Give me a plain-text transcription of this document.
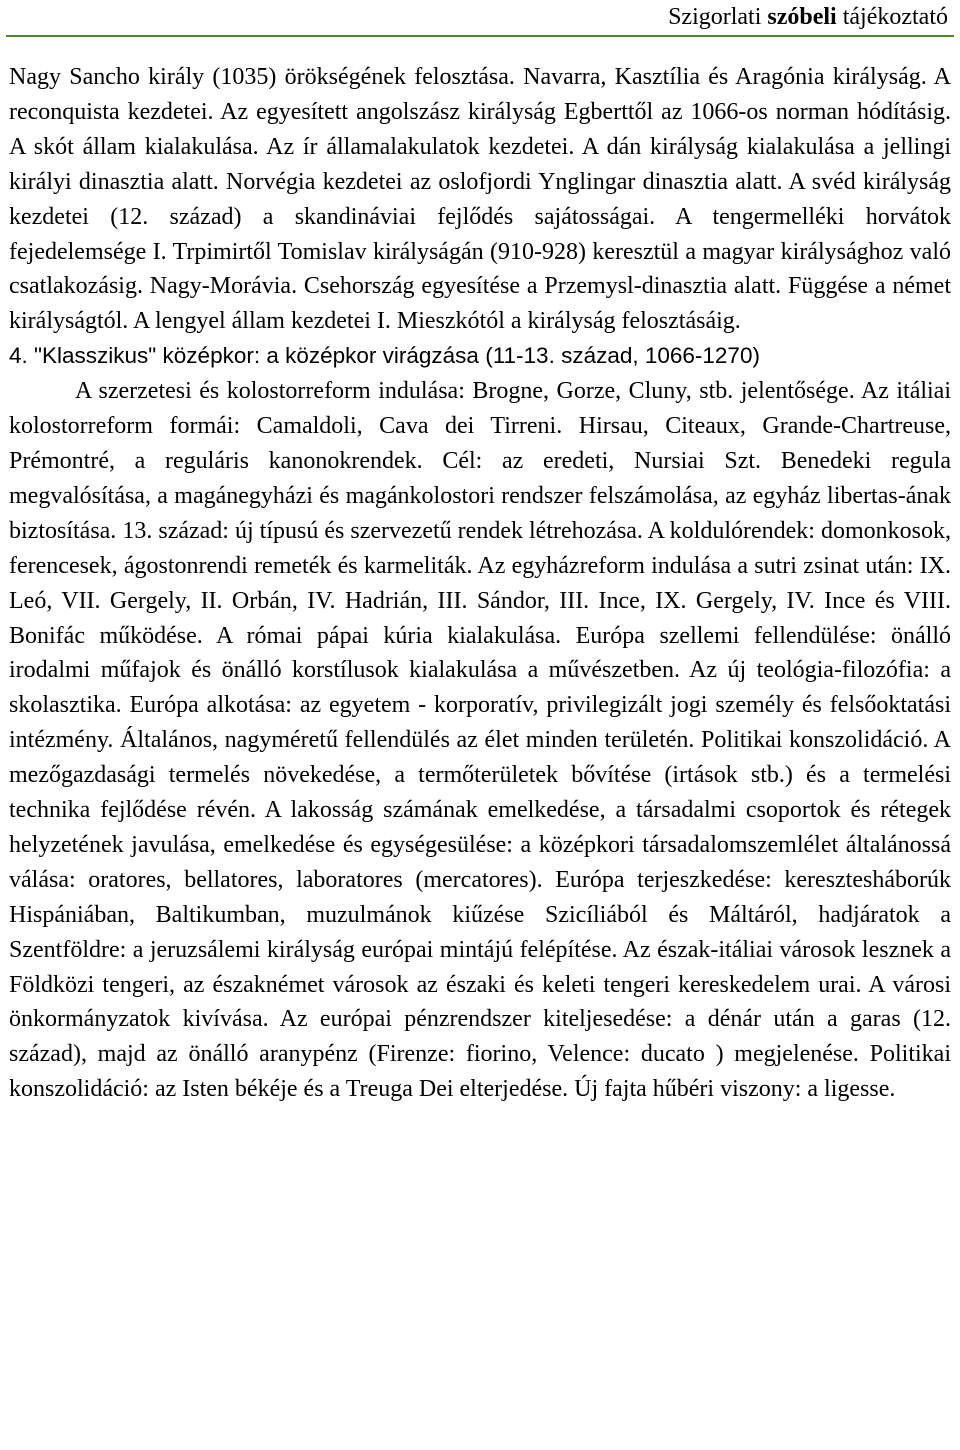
Szigorlati szóbeli tájékoztató

Nagy Sancho király (1035) örökségének felosztása. Navarra, Kasztília és Aragónia királyság. A reconquista kezdetei. Az egyesített angolszász királyság Egberttől az 1066-os norman hódításig. A skót állam kialakulása. Az ír államalakulatok kezdetei. A dán királyság kialakulása a jellingi királyi dinasztia alatt. Norvégia kezdetei az oslofjordi Ynglingar dinasztia alatt. A svéd királyság kezdetei (12. század) a skandináviai fejlődés sajátosságai. A tengermelléki horvátok fejedelemsége I. Trpimirtől Tomislav királyságán (910-928) keresztül a magyar királysághoz való csatlakozásig. Nagy-Morávia. Csehország egyesítése a Przemysl-dinasztia alatt. Függése a német királyságtól. A lengyel állam kezdetei I. Mieszkótól a királyság felosztásáig.

4. "Klasszikus" középkor: a középkor virágzása (11-13. század, 1066-1270)

A szerzetesi és kolostorreform indulása: Brogne, Gorze, Cluny, stb. jelentősége. Az itáliai kolostorreform formái: Camaldoli, Cava dei Tirreni. Hirsau, Citeaux, Grande-Chartreuse, Prémontré, a reguláris kanonokrendek. Cél: az eredeti, Nursiai Szt. Benedeki regula megvalósítása, a magánegyházi és magánkolostori rendszer felszámolása, az egyház libertas-ának biztosítása. 13. század: új típusú és szervezetű rendek létrehozása. A koldulórendek: domonkosok, ferencesek, ágostonrendi remeték és karmeliták. Az egyházreform indulása a sutri zsinat után: IX. Leó, VII. Gergely, II. Orbán, IV. Hadrián, III. Sándor, III. Ince, IX. Gergely, IV. Ince és VIII. Bonifác működése. A római pápai kúria kialakulása. Európa szellemi fellendülése: önálló irodalmi műfajok és önálló korstílusok kialakulása a művészetben. Az új teológia-filozófia: a skolasztika. Európa alkotása: az egyetem - korporatív, privilegizált jogi személy és felsőoktatási intézmény. Általános, nagyméretű fellendülés az élet minden területén. Politikai konszolidáció. A mezőgazdasági termelés növekedése, a termőterületek bővítése (irtások stb.) és a termelési technika fejlődése révén. A lakosság számának emelkedése, a társadalmi csoportok és rétegek helyzetének javulása, emelkedése és egységesülése: a középkori társadalomszemlélet általánossá válása: oratores, bellatores, laboratores (mercatores). Európa terjeszkedése: keresztesháborúk Hispániában, Baltikumban, muzulmánok kiűzése Szicíliából és Máltáról, hadjáratok a Szentföldre: a jeruzsálemi királyság európai mintájú felépítése. Az észak-itáliai városok lesznek a Földközi tengeri, az északnémet városok az északi és keleti tengeri kereskedelem urai. A városi önkormányzatok kivívása. Az európai pénzrendszer kiteljesedése: a dénár után a garas (12. század), majd az önálló aranypénz (Firenze: fiorino, Velence: ducato ) megjelenése. Politikai konszolidáció: az Isten békéje és a Treuga Dei elterjedése. Új fajta hűbéri viszony: a ligesse.
